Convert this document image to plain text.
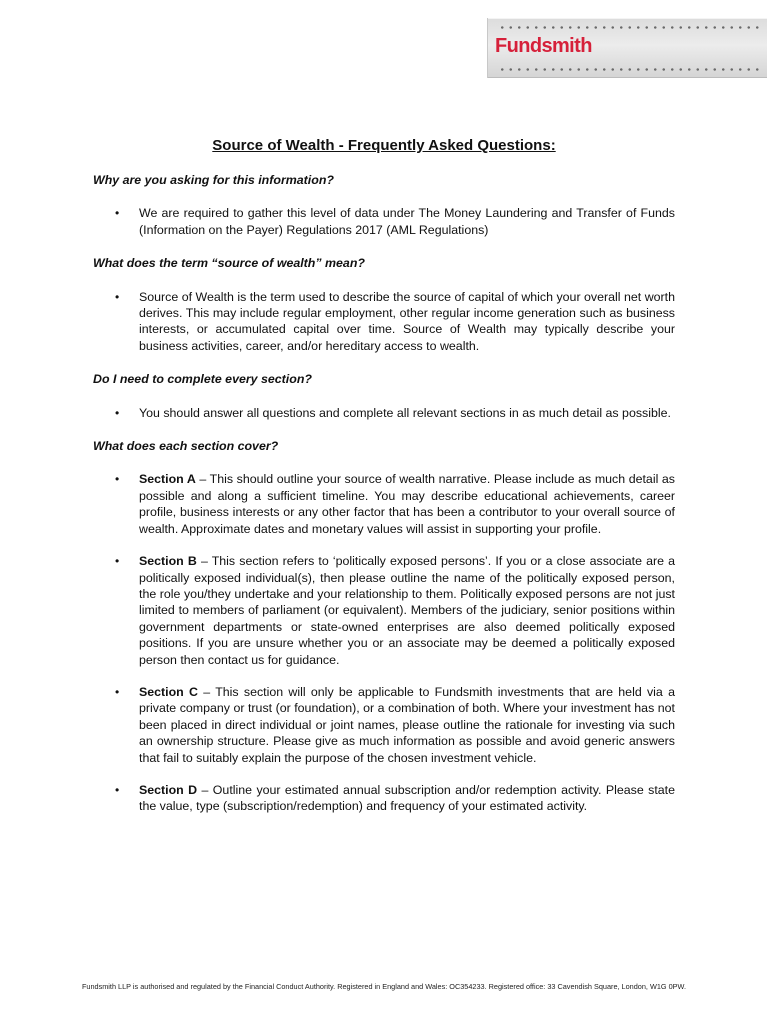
Fundsmith
Source of Wealth - Frequently Asked Questions:

Why are you asking for this information?

• We are required to gather this level of data under The Money Laundering and Transfer of Funds (Information on the Payer) Regulations 2017 (AML Regulations)

What does the term “source of wealth” mean?

• Source of Wealth is the term used to describe the source of capital of which your overall net worth derives. This may include regular employment, other regular income generation such as business interests, or accumulated capital over time. Source of Wealth may typically describe your business activities, career, and/or hereditary access to wealth.

Do I need to complete every section?

• You should answer all questions and complete all relevant sections in as much detail as possible.

What does each section cover?

• Section A – This should outline your source of wealth narrative. Please include as much detail as possible and along a sufficient timeline. You may describe educational achievements, career profile, business interests or any other factor that has been a contributor to your overall source of wealth. Approximate dates and monetary values will assist in supporting your profile.
• Section B – This section refers to ‘politically exposed persons’. If you or a close associate are a politically exposed individual(s), then please outline the name of the politically exposed person, the role you/they undertake and your relationship to them. Politically exposed persons are not just limited to members of parliament (or equivalent). Members of the judiciary, senior positions within government departments or state-owned enterprises are also deemed politically exposed positions. If you are unsure whether you or an associate may be deemed a politically exposed person then contact us for guidance.
• Section C – This section will only be applicable to Fundsmith investments that are held via a private company or trust (or foundation), or a combination of both. Where your investment has not been placed in direct individual or joint names, please outline the rationale for investing via such an ownership structure. Please give as much information as possible and avoid generic answers that fail to suitably explain the purpose of the chosen investment vehicle.
• Section D – Outline your estimated annual subscription and/or redemption activity. Please state the value, type (subscription/redemption) and frequency of your estimated activity.
Fundsmith LLP is authorised and regulated by the Financial Conduct Authority. Registered in England and Wales: OC354233. Registered office: 33 Cavendish Square, London, W1G 0PW.
